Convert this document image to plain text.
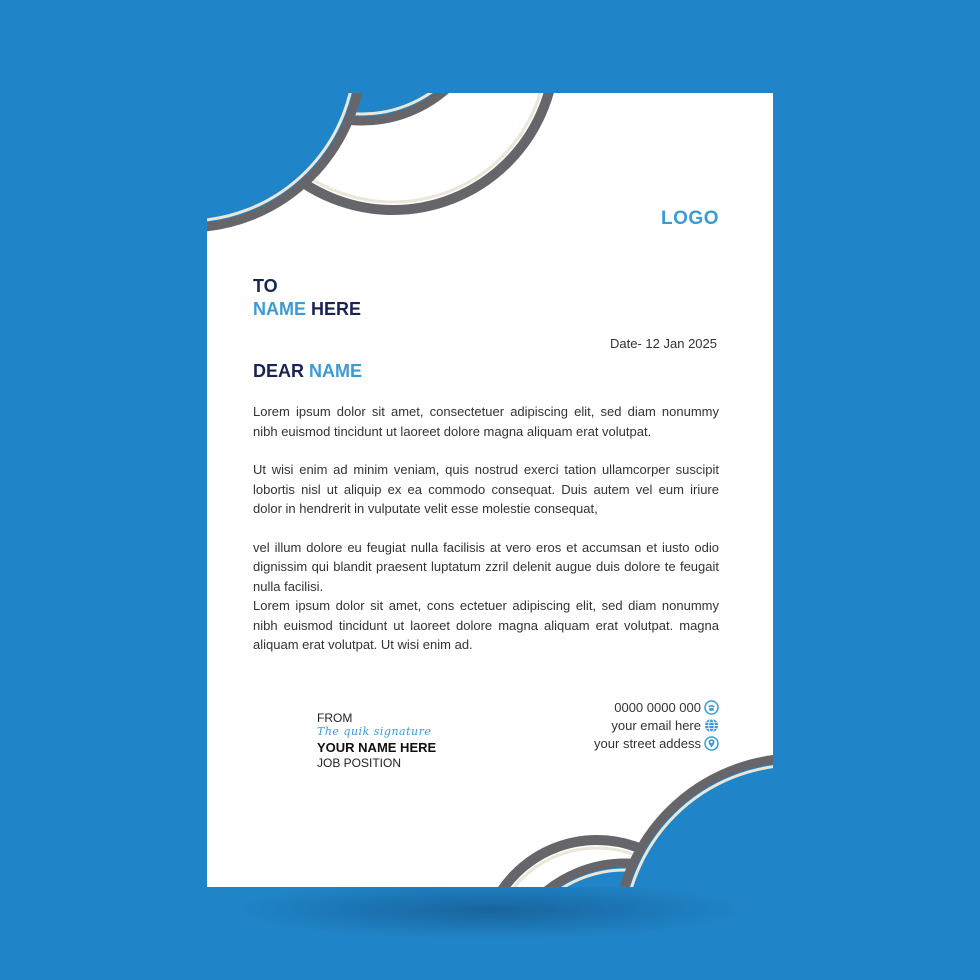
LOGO
TO
NAME HERE
Date- 12 Jan 2025
DEAR NAME

Lorem ipsum dolor sit amet, consectetuer adipiscing elit, sed diam nonummy nibh euismod tincidunt ut laoreet dolore magna aliquam erat volutpat.

Ut wisi enim ad minim veniam, quis nostrud exerci tation ullamcorper suscipit lobortis nisl ut aliquip ex ea commodo consequat. Duis autem vel eum iriure dolor in hendrerit in vulputate velit esse molestie consequat,

vel illum dolore eu feugiat nulla facilisis at vero eros et accumsan et iusto odio dignissim qui blandit praesent luptatum zzril delenit augue duis dolore te feugait nulla facilisi.

Lorem ipsum dolor sit amet, cons ectetuer adipiscing elit, sed diam nonummy nibh euismod tincidunt ut laoreet dolore magna aliquam erat volutpat. magna aliquam erat volutpat. Ut wisi enim ad.

FROM
The quik signature
YOUR NAME HERE
JOB POSITION
0000 0000 000
your email here
your street addess
